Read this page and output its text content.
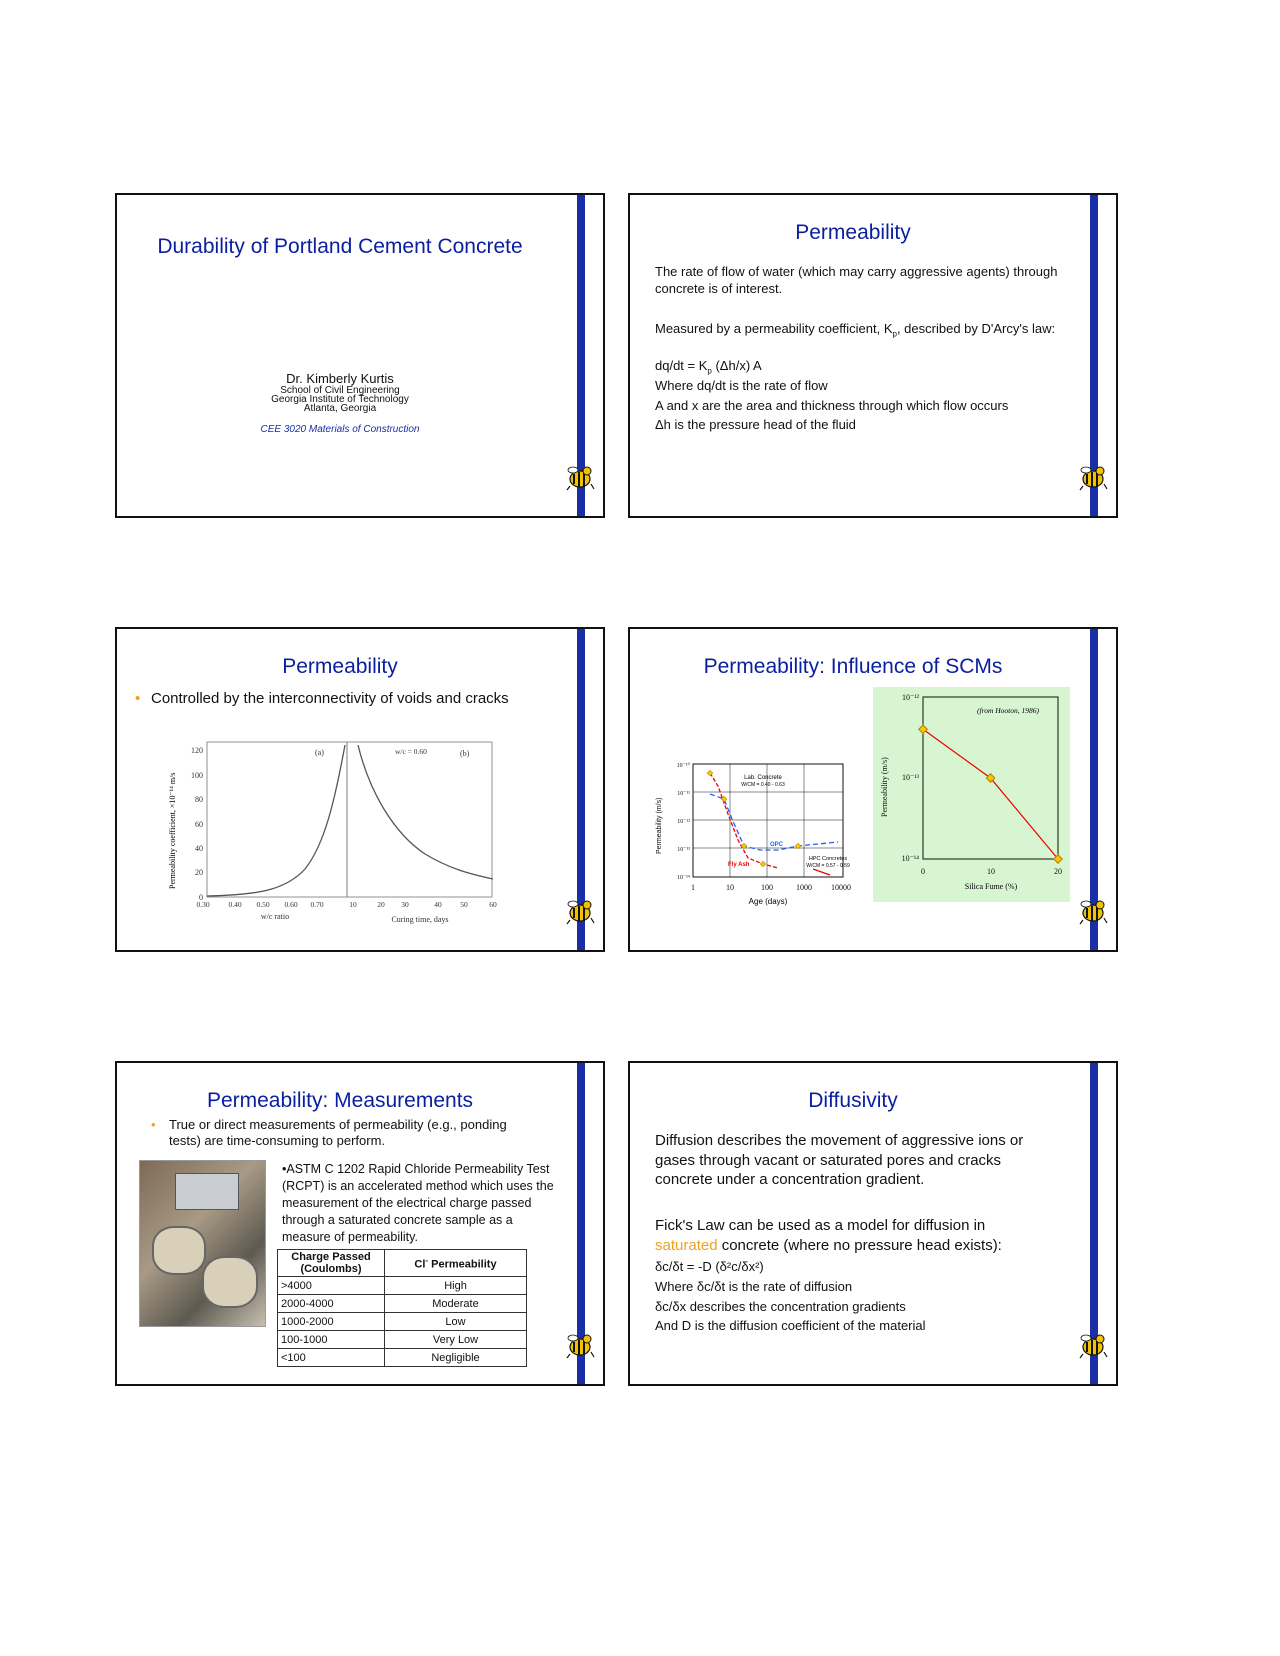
Durability of Portland Cement Concrete
Dr. Kimberly Kurtis
School of Civil Engineering
Georgia Institute of Technology
Atlanta, Georgia
CEE 3020 Materials of Construction
Permeability
The rate of flow of water (which may carry aggressive agents) through concrete is of interest.
Measured by a permeability coefficient, $K_p$, described by D'Arcy's law:
$dq/dt = K_p$ (Δh/x) A
Where dq/dt is the rate of flow
A and x are the area and thickness through which flow occurs
Δh is the pressure head of the fluid
Permeability
• Controlled by the interconnectivity of voids and cracks
Permeability coefficient, ×10⁻¹⁴ m/s
0
20
40
60
80
100
120
0.30	0.40 0.50 0.60 0.70	10	20 30	40 50	60
w/c ratio	Curing time, days
(a)	(b)
w/c = 0.60
Permeability: Influence of SCMs
Permeability (m/s)
10⁻¹⁰
10⁻¹¹
10⁻¹²
10⁻¹³
10⁻¹⁴
1	10	100	1000 10000
Age (days)
Lab. Concrete
W/CM = 0.40 - 0.63
OPC
Fly Ash
HPC Concretes
W/CM = 0.57 - 0.59
Permeability (m/s)
10⁻¹²
10⁻¹³
10⁻¹⁴
0	10	20
Silica Fume (%)
(from Hooton, 1986)
Permeability: Measurements
•	True or direct measurements of permeability (e.g., ponding tests) are time-consuming to perform.
•ASTM C 1202 Rapid Chloride Permeability Test (RCPT) is an accelerated method which uses the measurement of the electrical charge passed through a saturated concrete sample as a measure of permeability.
Charge Passed (Coulombs)	Cl- Permeability
>4000	High
2000-4000	Moderate
1000-2000	Low
100-1000	Very Low
<100	Negligible
Diffusivity
Diffusion describes the movement of aggressive ions or gases through vacant or saturated pores and cracks concrete under a concentration gradient.
Fick's Law can be used as a model for diffusion in saturated concrete (where no pressure head exists):
δc/δt = -D (δ²c/δx²)
Where δc/δt is the rate of diffusion
δc/δx describes the concentration gradients
And D is the diffusion coefficient of the material
